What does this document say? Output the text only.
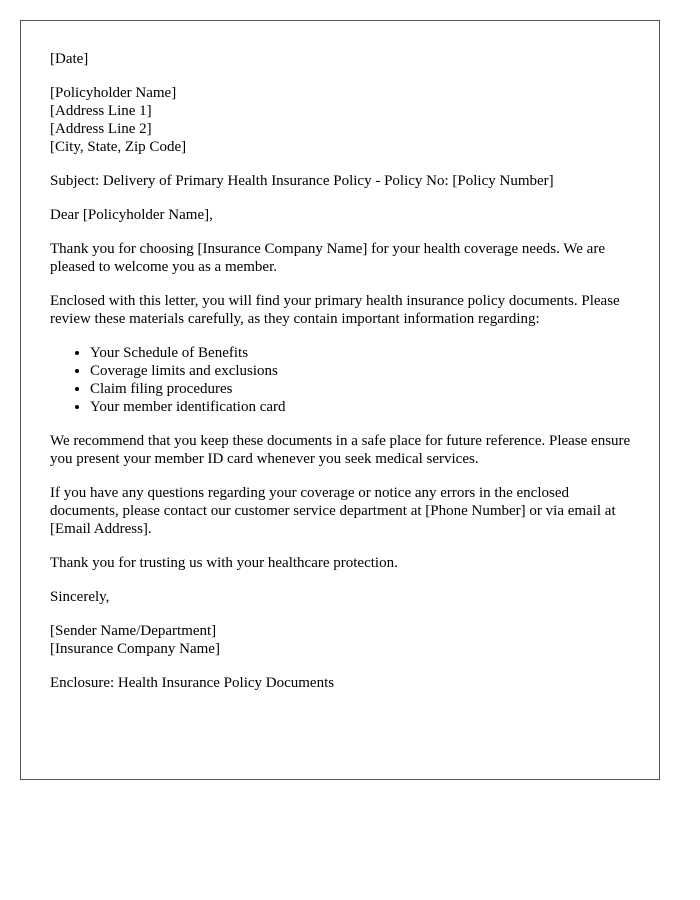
[Date]
[Policyholder Name]
[Address Line 1]
[Address Line 2]
[City, State, Zip Code]

Subject: Delivery of Primary Health Insurance Policy - Policy No: [Policy Number]

Dear [Policyholder Name],

Thank you for choosing [Insurance Company Name] for your health coverage needs. We are pleased to welcome you as a member.

Enclosed with this letter, you will find your primary health insurance policy documents. Please review these materials carefully, as they contain important information regarding:

• Your Schedule of Benefits
• Coverage limits and exclusions
• Claim filing procedures
• Your member identification card

We recommend that you keep these documents in a safe place for future reference. Please ensure you present your member ID card whenever you seek medical services.

If you have any questions regarding your coverage or notice any errors in the enclosed documents, please contact our customer service department at [Phone Number] or via email at [Email Address].

Thank you for trusting us with your healthcare protection.

Sincerely,

[Sender Name/Department]
[Insurance Company Name]

Enclosure: Health Insurance Policy Documents
